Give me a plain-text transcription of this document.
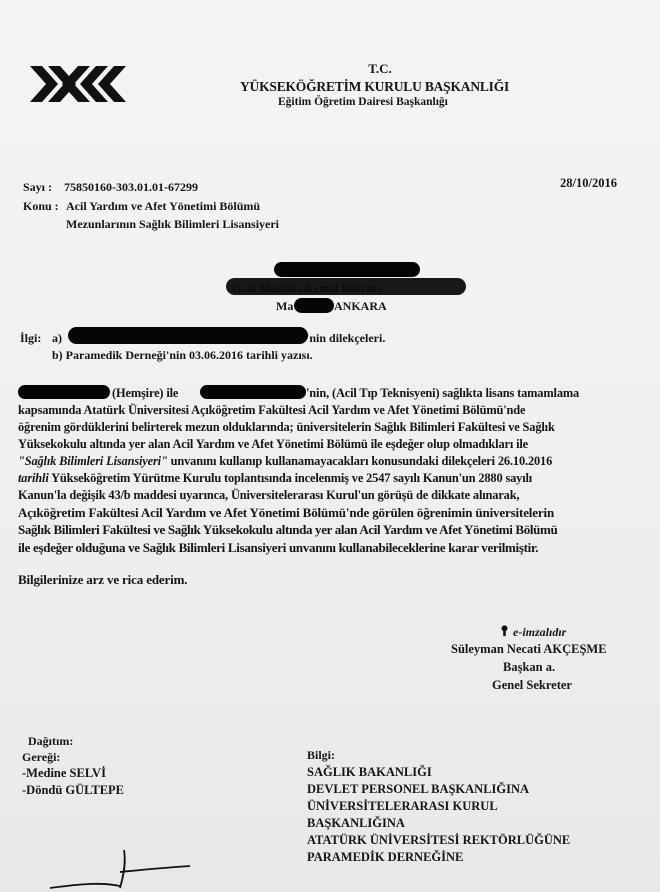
T.C.
YÜKSEKÖĞRETİM KURULU BAŞKANLIĞI
Eğitim Öğretim Dairesi Başkanlığı
Sayı : 75850160-303.01.01-67299	28/10/2016
Konu : Acil Yardım ve Afet Yönetimi Bölümü
Mezunlarının Sağlık Bilimleri Lisansiyeri
Ma	ANKARA
İlgi: a)	'nin dilekçeleri.
b) Paramedik Derneği'nin 03.06.2016 tarihli yazısı.
(Hemşire) ile	'nin, (Acil Tıp Teknisyeni) sağlıkta lisans tamamlama
kapsamında Atatürk Üniversitesi Açıköğretim Fakültesi Acil Yardım ve Afet Yönetimi Bölümü'nde
öğrenim gördüklerini belirterek mezun olduklarında; üniversitelerin Sağlık Bilimleri Fakültesi ve Sağlık
Yüksekokulu altında yer alan Acil Yardım ve Afet Yönetimi Bölümü ile eşdeğer olup olmadıkları ile
"Sağlık Bilimleri Lisansiyeri" unvanını kullanıp kullanamayacakları konusundaki dilekçeleri 26.10.2016
tarihli Yükseköğretim Yürütme Kurulu toplantısında incelenmiş ve 2547 sayılı Kanun'un 2880 sayılı
Kanun'la değişik 43/b maddesi uyarınca, Üniversitelerarası Kurul'un görüşü de dikkate alınarak,
Açıköğretim Fakültesi Acil Yardım ve Afet Yönetimi Bölümü'nde görülen öğrenimin üniversitelerin
Sağlık Bilimleri Fakültesi ve Sağlık Yüksekokulu altında yer alan Acil Yardım ve Afet Yönetimi Bölümü
ile eşdeğer olduğuna ve Sağlık Bilimleri Lisansiyeri unvanını kullanabileceklerine karar verilmiştir.
Bilgilerinize arz ve rica ederim.
e-imzalıdır
Süleyman Necati AKÇEŞME
Başkan a.
Genel Sekreter
Dağıtım:
Gereği:
-Medine SELVİ
-Döndü GÜLTEPE
Bilgi:
SAĞLIK BAKANLIĞI
DEVLET PERSONEL BAŞKANLIĞINA
ÜNİVERSİTELERARASI KURUL
BAŞKANLIĞINA
ATATÜRK ÜNİVERSİTESİ REKTÖRLÜĞÜNE
PARAMEDİK DERNEĞİNE
